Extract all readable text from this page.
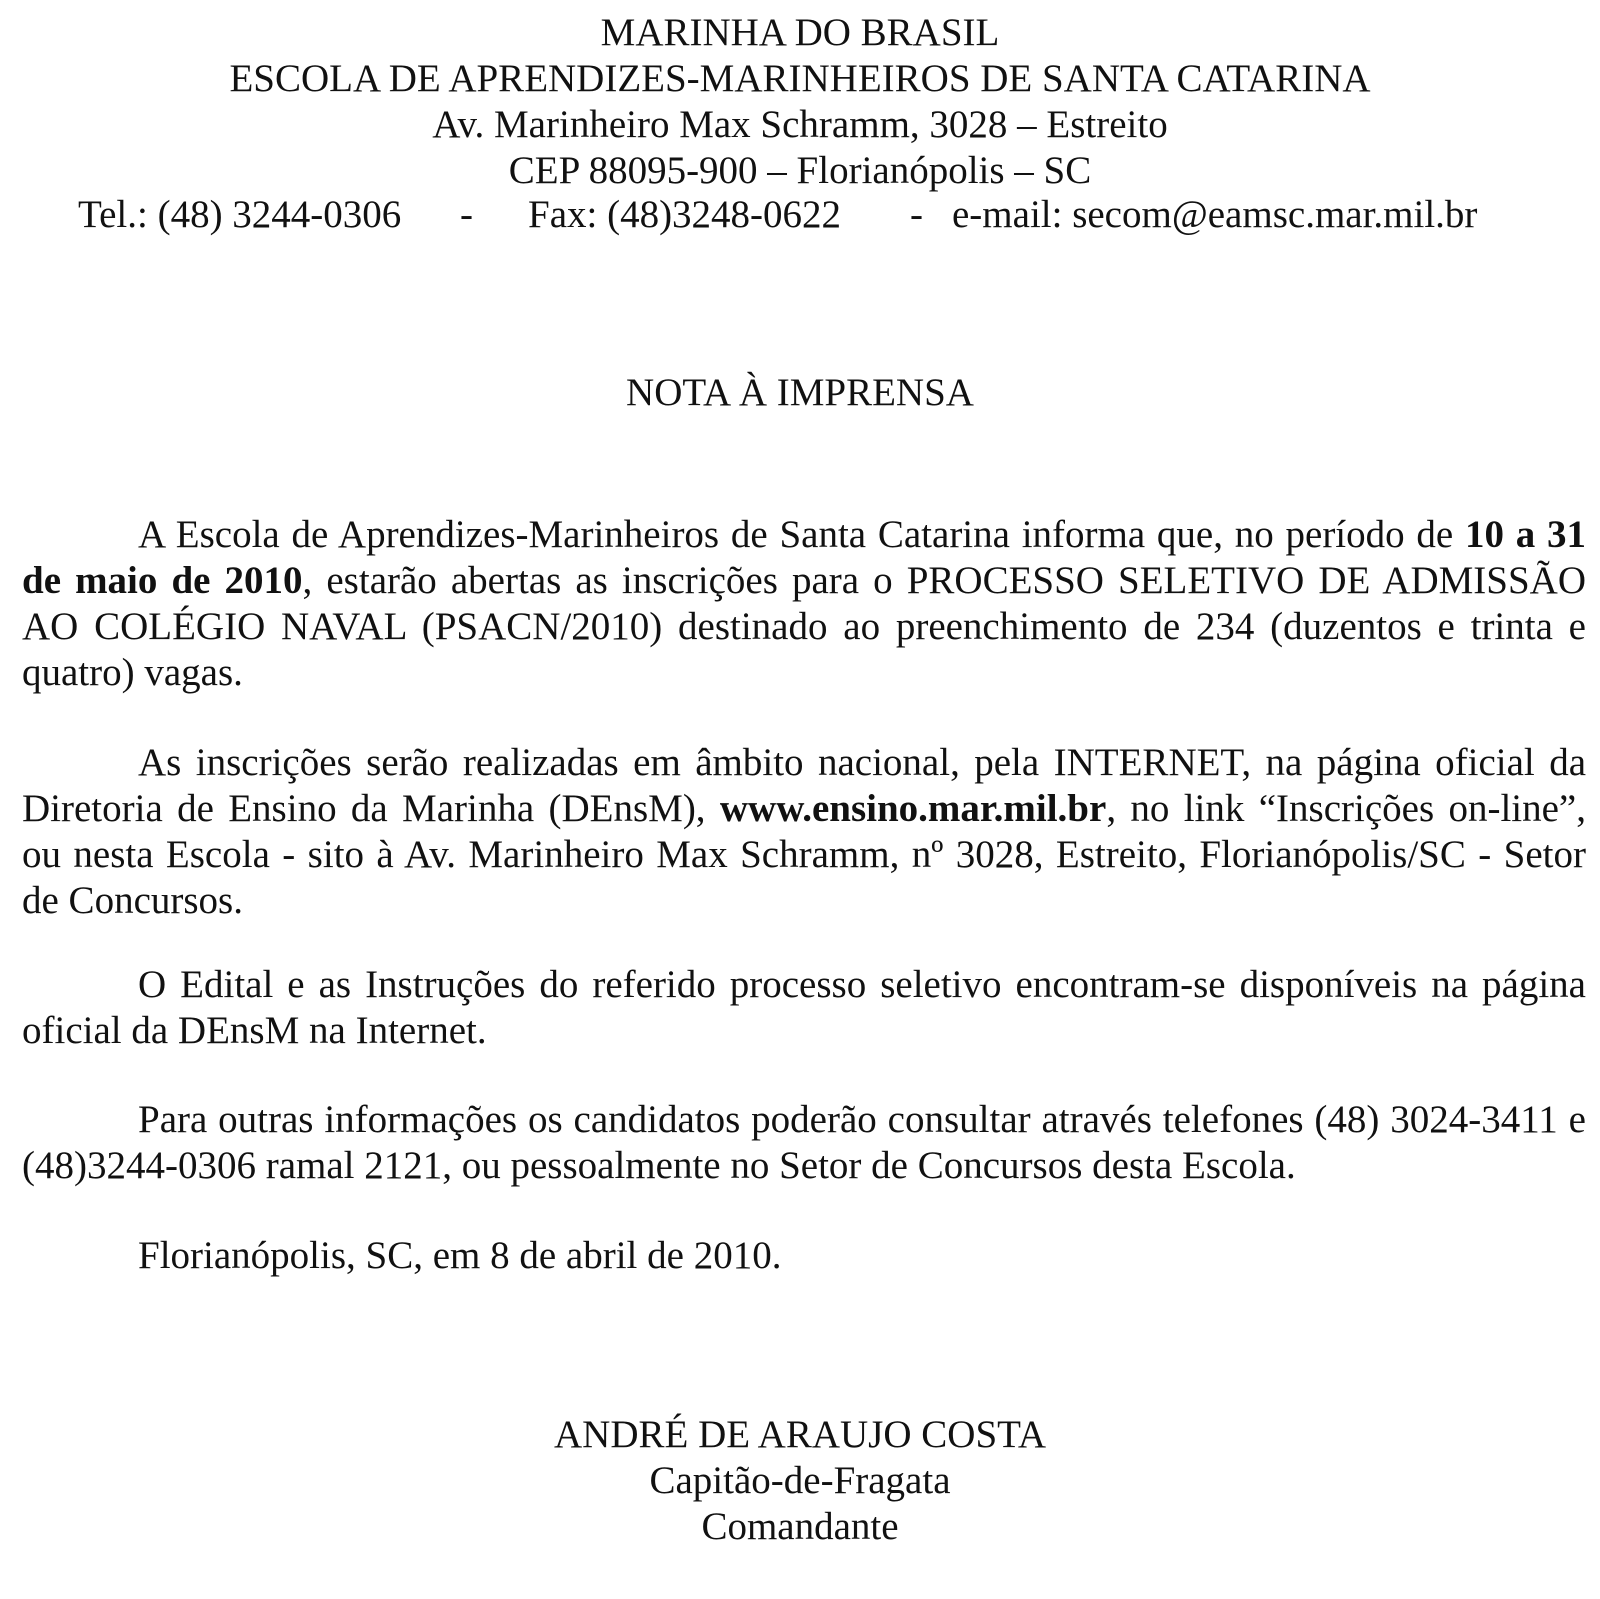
MARINHA DO BRASIL
ESCOLA DE APRENDIZES-MARINHEIROS DE SANTA CATARINA
Av. Marinheiro Max Schramm, 3028 – Estreito
CEP 88095-900 – Florianópolis – SC
Tel.: (48) 3244-0306 - Fax: (48)3248-0622 - e-mail: secom@eamsc.mar.mil.br
NOTA À IMPRENSA

A Escola de Aprendizes-Marinheiros de Santa Catarina informa que, no período de 10 a 31 de maio de 2010, estarão abertas as inscrições para o PROCESSO SELETIVO DE ADMISSÃO AO COLÉGIO NAVAL (PSACN/2010) destinado ao preenchimento de 234 (duzentos e trinta e quatro) vagas.

As inscrições serão realizadas em âmbito nacional, pela INTERNET, na página oficial da Diretoria de Ensino da Marinha (DEnsM), www.ensino.mar.mil.br, no link “Inscrições on-line”, ou nesta Escola - sito à Av. Marinheiro Max Schramm, nº 3028, Estreito, Florianópolis/SC - Setor de Concursos.

O Edital e as Instruções do referido processo seletivo encontram-se disponíveis na página oficial da DEnsM na Internet.

Para outras informações os candidatos poderão consultar através telefones (48) 3024-3411 e (48)3244-0306 ramal 2121, ou pessoalmente no Setor de Concursos desta Escola.

Florianópolis, SC, em 8 de abril de 2010.

ANDRÉ DE ARAUJO COSTA
Capitão-de-Fragata
Comandante
